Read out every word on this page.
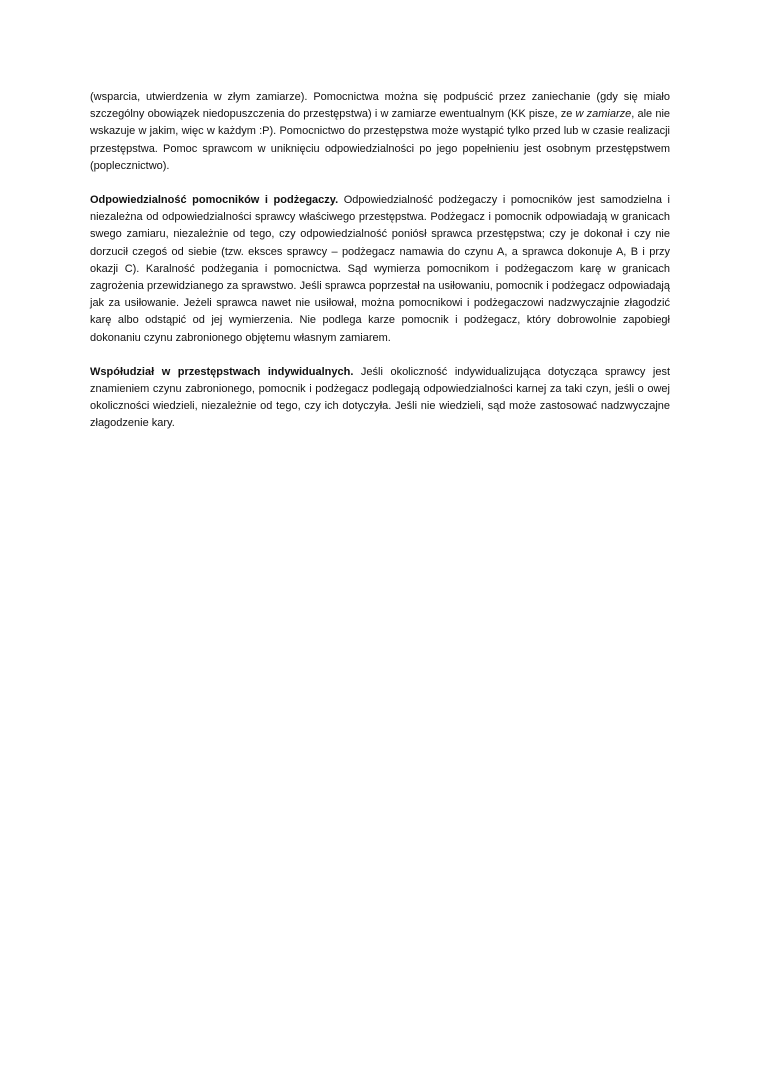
(wsparcia, utwierdzenia w złym zamiarze). Pomocnictwa można się podpuścić przez zaniechanie (gdy się miało szczególny obowiązek niedopuszczenia do przestępstwa) i w zamiarze ewentualnym (KK pisze, ze w zamiarze, ale nie wskazuje w jakim, więc w każdym :P). Pomocnictwo do przestępstwa może wystąpić tylko przed lub w czasie realizacji przestępstwa. Pomoc sprawcom w uniknięciu odpowiedzialności po jego popełnieniu jest osobnym przestępstwem (poplecznictwo).

Odpowiedzialność pomocników i podżegaczy. Odpowiedzialność podżegaczy i pomocników jest samodzielna i niezależna od odpowiedzialności sprawcy właściwego przestępstwa. Podżegacz i pomocnik odpowiadają w granicach swego zamiaru, niezależnie od tego, czy odpowiedzialność poniósł sprawca przestępstwa; czy je dokonał i czy nie dorzucił czegoś od siebie (tzw. eksces sprawcy – podżegacz namawia do czynu A, a sprawca dokonuje A, B i przy okazji C). Karalność podżegania i pomocnictwa. Sąd wymierza pomocnikom i podżegaczom karę w granicach zagrożenia przewidzianego za sprawstwo. Jeśli sprawca poprzestał na usiłowaniu, pomocnik i podżegacz odpowiadają jak za usiłowanie. Jeżeli sprawca nawet nie usiłował, można pomocnikowi i podżegaczowi nadzwyczajnie złagodzić karę albo odstąpić od jej wymierzenia. Nie podlega karze pomocnik i podżegacz, który dobrowolnie zapobiegł dokonaniu czynu zabronionego objętemu własnym zamiarem.

Współudział w przestępstwach indywidualnych. Jeśli okoliczność indywidualizująca dotycząca sprawcy jest znamieniem czynu zabronionego, pomocnik i podżegacz podlegają odpowiedzialności karnej za taki czyn, jeśli o owej okoliczności wiedzieli, niezależnie od tego, czy ich dotyczyła. Jeśli nie wiedzieli, sąd może zastosować nadzwyczajne złagodzenie kary.
